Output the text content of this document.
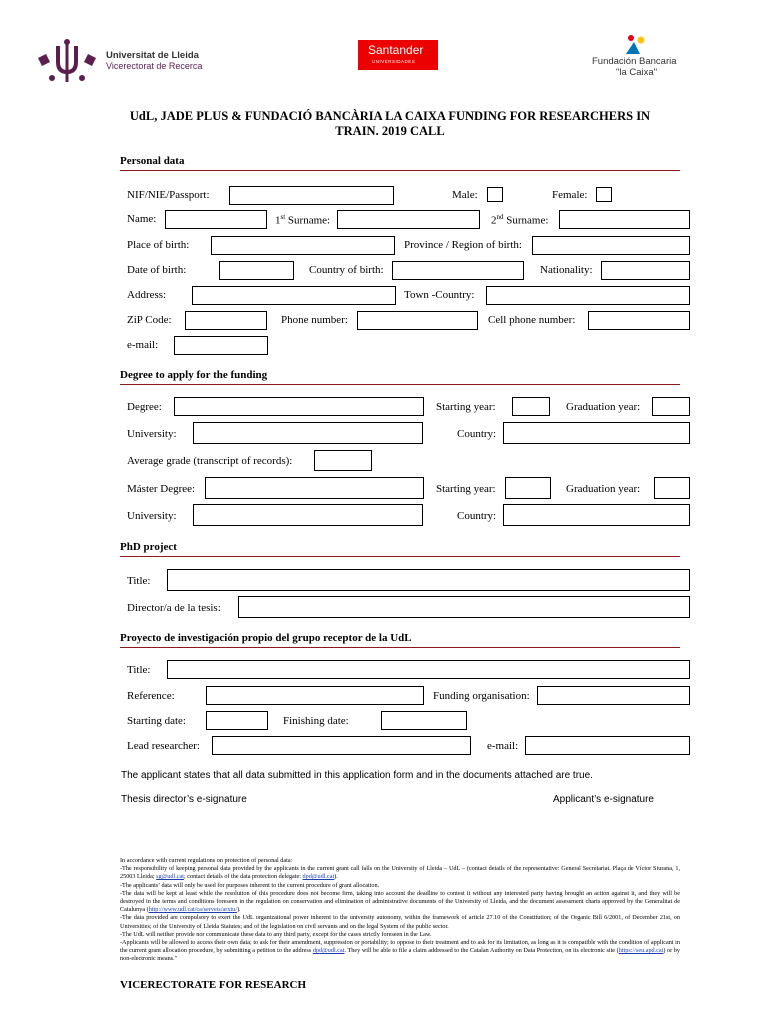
Universitat de Lleida
Vicerectorat de Recerca
Santander
UNIVERSIDADES	Fundación Bancaria
"la Caixa"
UdL, JADE PLUS & FUNDACIÓ BANCÀRIA LA CAIXA FUNDING FOR RESEARCHERS IN
TRAIN. 2019 CALL
Personal data
NIF/NIE/Passport:	Male:	Female:
Name:	1st Surname:	2nd Surname:
Place of birth:	Province / Region of birth:
Date of birth:	Country of birth:	Nationality:
Address:	Town -Country:
ZiP Code:	Phone number:	Cell phone number:
e-mail:
Degree to apply for the funding
Degree:	Starting year:	Graduation year:
University:	Country:
Average grade (transcript of records):
Máster Degree:	Starting year:	Graduation year:
University:	Country:
PhD project
Title:
Director/a de la tesis:
Proyecto de investigación propio del grupo receptor de la UdL
Title:
Reference:	Funding organisation:
Starting date:	Finishing date:
Lead researcher:	e-mail:
The applicant states that all data submitted in this application form and in the documents attached are true.
Thesis director’s e-signature	Applicant’s e-signature
In accordance with current regulations on protection of personal data:
-The responsibility of keeping personal data provided by the applicants in the current grant call falls on the University of Lleida – UdL – (contact details of the representative: General Secretariat. Plaça de Víctor Siurana, 1, 25003 Lleida; sg@udl.cat; contact details of the data protection delegate: dpd@udl.cat).
-The applicants’ data will only be used for purposes inherent to the current procedure of grant allocation.
-The data will be kept at least while the resolution of this procedure does not become firm, taking into account the deadline to contest it without any interested party having brought an action against it, and they will be destroyed in the terms and conditions foreseen in the regulation on conservation and elimination of administrative documents of the University of Lleida, and the document assessment charts approved by the Generalitat de Catalunya (http://www.udl.cat/ca/serveis/arxiu/).
-The data provided are compulsory to exert the UdL organizational power inherent to the university autonomy, within the framework of article 27.10 of the Constitution; of the Organic Bill 6/2001, of December 21st, on Universities; of the University of Lleida Statutes; and of the legislation on civil servants and on the legal System of the public sector.
-The UdL will neither provide nor communicate these data to any third party, except for the cases strictly foreseen in the Law.
-Applicants will be allowed to access their own data; to ask for their amendment, suppression or portability; to oppose to their treatment and to ask for its limitation, as long as it is compatible with the condition of applicant in the current grant allocation procedure, by submitting a petition to the address dpd@udl.cat. They will be able to file a claim addressed to the Catalan Authority on Data Protection, on its electronic site (https://seu.apd.cat) or by non-electronic means."
VICERECTORATE FOR RESEARCH
